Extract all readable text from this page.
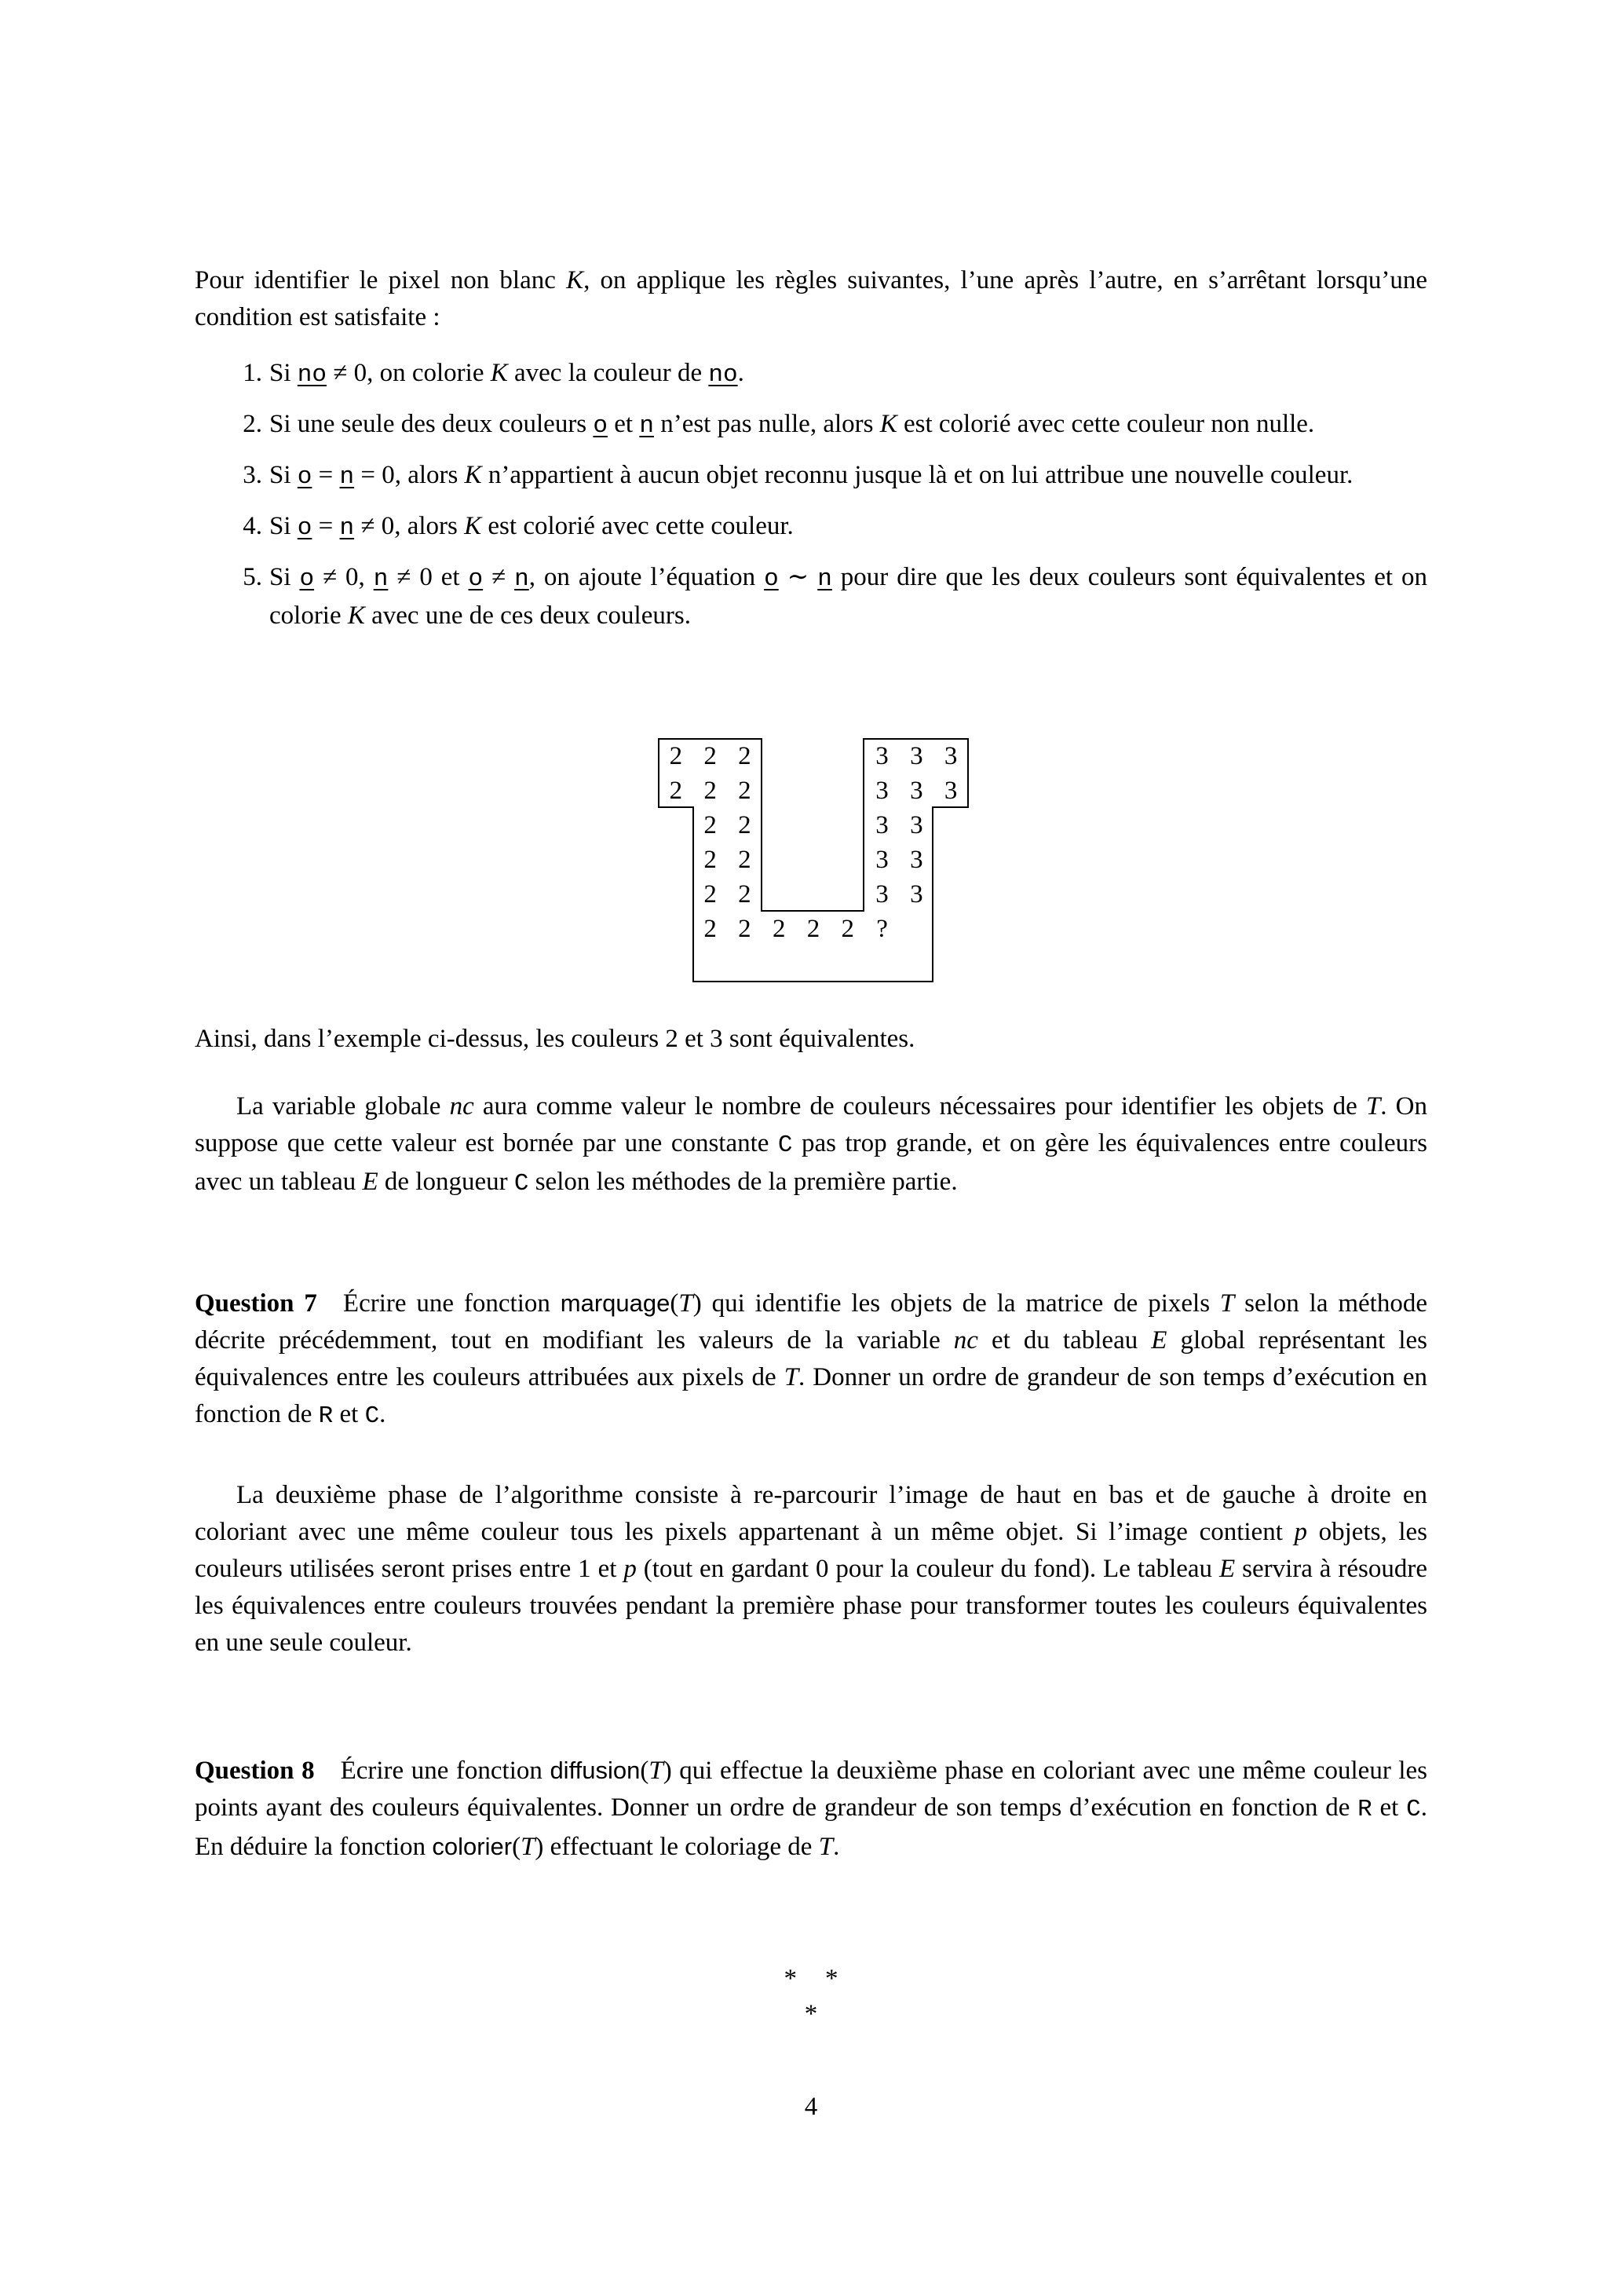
Pour identifier le pixel non blanc K, on applique les règles suivantes, l’une après l’autre, en s’arrêtant lorsqu’une condition est satisfaite :
1. Si no ≠ 0, on colorie K avec la couleur de no.
2. Si une seule des deux couleurs o et n n’est pas nulle, alors K est colorié avec cette couleur non nulle.
3. Si o = n = 0, alors K n’appartient à aucun objet reconnu jusque là et on lui attribue une nouvelle couleur.
4. Si o = n ≠ 0, alors K est colorié avec cette couleur.
5. Si o ≠ 0, n ≠ 0 et o ≠ n, on ajoute l’équation o ∼ n pour dire que les deux couleurs sont équivalentes et on colorie K avec une de ces deux couleurs.
2 2 2	3 3 3
2 2 2	3 3 3
2 2	3 3
2 2	3 3
2 2	3 3
2 2 2 2 2 ?
Ainsi, dans l’exemple ci-dessus, les couleurs 2 et 3 sont équivalentes.
La variable globale nc aura comme valeur le nombre de couleurs nécessaires pour identifier les objets de T. On suppose que cette valeur est bornée par une constante C pas trop grande, et on gère les équivalences entre couleurs avec un tableau E de longueur C selon les méthodes de la première partie.
Question 7 Écrire une fonction marquage(T) qui identifie les objets de la matrice de pixels T selon la méthode décrite précédemment, tout en modifiant les valeurs de la variable nc et du tableau E global représentant les équivalences entre les couleurs attribuées aux pixels de T. Donner un ordre de grandeur de son temps d’exécution en fonction de R et C.
La deuxième phase de l’algorithme consiste à re-parcourir l’image de haut en bas et de gauche à droite en coloriant avec une même couleur tous les pixels appartenant à un même objet. Si l’image contient p objets, les couleurs utilisées seront prises entre 1 et p (tout en gardant 0 pour la couleur du fond). Le tableau E servira à résoudre les équivalences entre couleurs trouvées pendant la première phase pour transformer toutes les couleurs équivalentes en une seule couleur.
Question 8 Écrire une fonction diffusion(T) qui effectue la deuxième phase en coloriant avec une même couleur les points ayant des couleurs équivalentes. Donner un ordre de grandeur de son temps d’exécution en fonction de R et C. En déduire la fonction colorier(T) effectuant le coloriage de T.
* *
*
4
